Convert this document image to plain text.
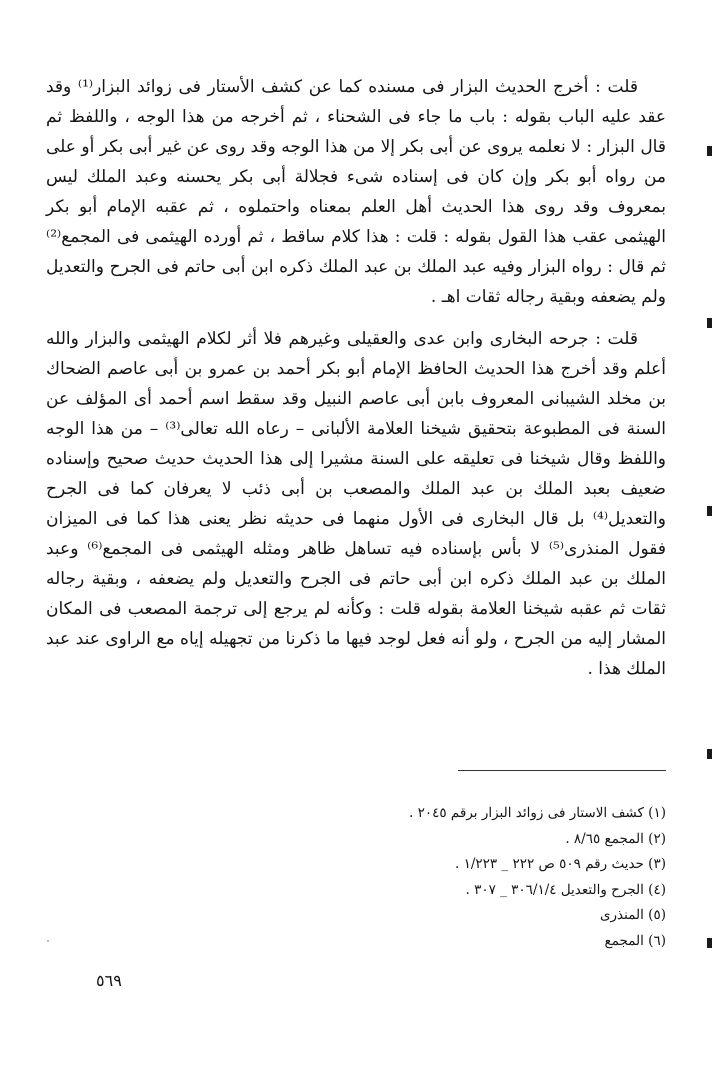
قلت : أخرج الحديث البزار فى مسنده كما عن كشف الأستار فى زوائد البزار⁽¹⁾ وقد عقد عليه الباب بقوله : باب ما جاء فى الشحناء ، ثم أخرجه من هذا الوجه ، واللفظ ثم قال البزار : لا نعلمه يروى عن أبى بكر إلا من هذا الوجه وقد روى عن غير أبى بكر أو على من رواه أبو بكر وإن كان فى إسناده شىء فجلالة أبى بكر يحسنه وعبد الملك ليس بمعروف وقد روى هذا الحديث أهل العلم بمعناه واحتملوه ، ثم عقبه الإمام أبو بكر الهيثمى عقب هذا القول بقوله : قلت : هذا كلام ساقط ، ثم أورده الهيثمى فى المجمع⁽²⁾ ثم قال : رواه البزار وفيه عبد الملك بن عبد الملك ذكره ابن أبى حاتم فى الجرح والتعديل ولم يضعفه وبقية رجاله ثقات اهـ .

قلت : جرحه البخارى وابن عدى والعقيلى وغيرهم فلا أثر لكلام الهيثمى والبزار والله أعلم وقد أخرج هذا الحديث الحافظ الإمام أبو بكر أحمد بن عمرو بن أبى عاصم الضحاك بن مخلد الشيبانى المعروف بابن أبى عاصم النبيل وقد سقط اسم أحمد أى المؤلف عن السنة فى المطبوعة بتحقيق شيخنا العلامة الألبانى – رعاه الله تعالى⁽³⁾ – من هذا الوجه واللفظ وقال شيخنا فى تعليقه على السنة مشيرا إلى هذا الحديث حديث صحيح وإسناده ضعيف بعبد الملك بن عبد الملك والمصعب بن أبى ذئب لا يعرفان كما فى الجرح والتعديل⁽⁴⁾ بل قال البخارى فى الأول منهما فى حديثه نظر يعنى هذا كما فى الميزان فقول المنذرى⁽⁵⁾ لا بأس بإسناده فيه تساهل ظاهر ومثله الهيثمى فى المجمع⁽⁶⁾ وعبد الملك بن عبد الملك ذكره ابن أبى حاتم فى الجرح والتعديل ولم يضعفه ، وبقية رجاله ثقات ثم عقبه شيخنا العلامة بقوله قلت : وكأنه لم يرجع إلى ترجمة المصعب فى المكان المشار إليه من الجرح ، ولو أنه فعل لوجد فيها ما ذكرنا من تجهيله إياه مع الراوى عند عبد الملك هذا .

(١) كشف الاستار فى زوائد البزار برقم ٢٠٤٥ .
(٢) المجمع ٨/٦٥ .
(٣) حديث رقم ٥٠٩ ص ٢٢٢ _ ١/٢٢٣ .
(٤) الجرح والتعديل ٣٠٦/١/٤ _ ٣٠٧ .
(٥) المنذرى
(٦) المجمع
٥٦٩
